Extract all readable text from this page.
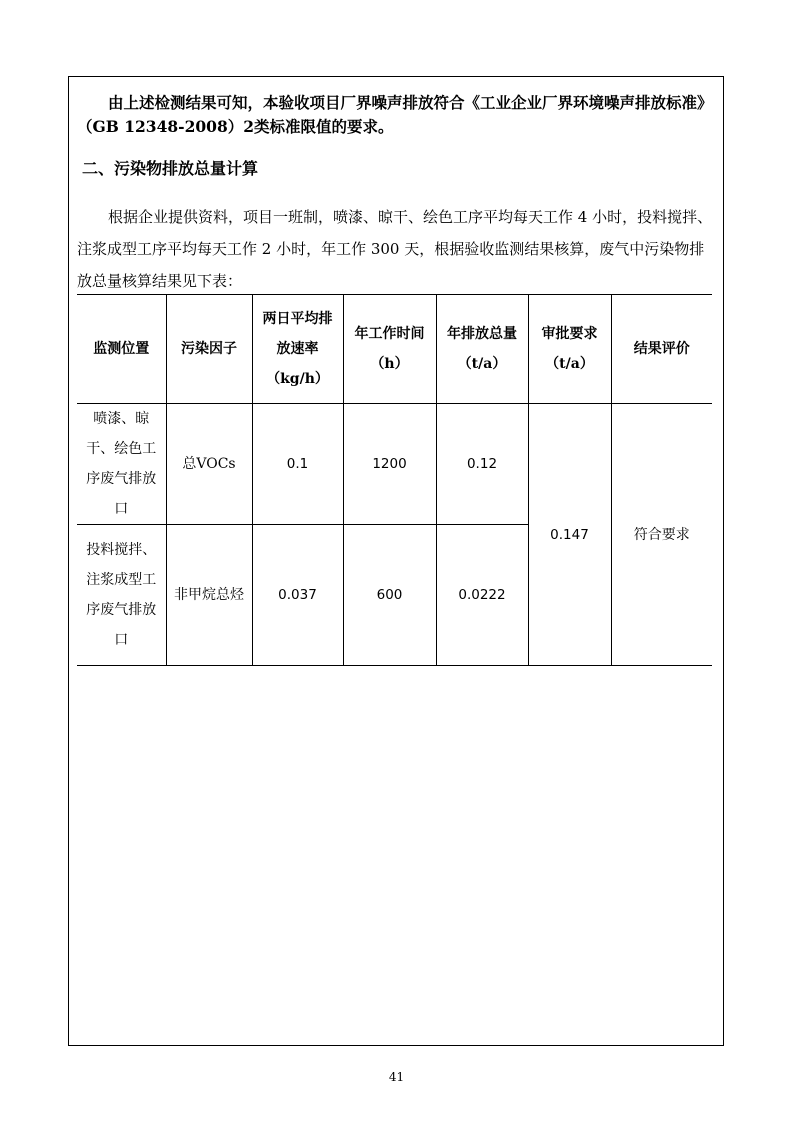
由上述检测结果可知，本验收项目厂界噪声排放符合《工业企业厂界环境噪声排放标准》（GB 12348-2008）2类标准限值的要求。

二、污染物排放总量计算

根据企业提供资料，项目一班制，喷漆、晾干、绘色工序平均每天工作 4 小时，投料搅拌、注浆成型工序平均每天工作 2 小时，年工作 300 天，根据验收监测结果核算，废气中污染物排放总量核算结果见下表：

监测位置	污染因子	两日平均排放速率（kg/h）	年工作时间（h）	年排放总量（t/a）	审批要求（t/a）	结果评价
喷漆、晾干、绘色工序废气排放口	总VOCs	0.1	1200	0.12	0.147	符合要求
投料搅拌、注浆成型工序废气排放口	非甲烷总烃	0.037	600	0.0222		
41
